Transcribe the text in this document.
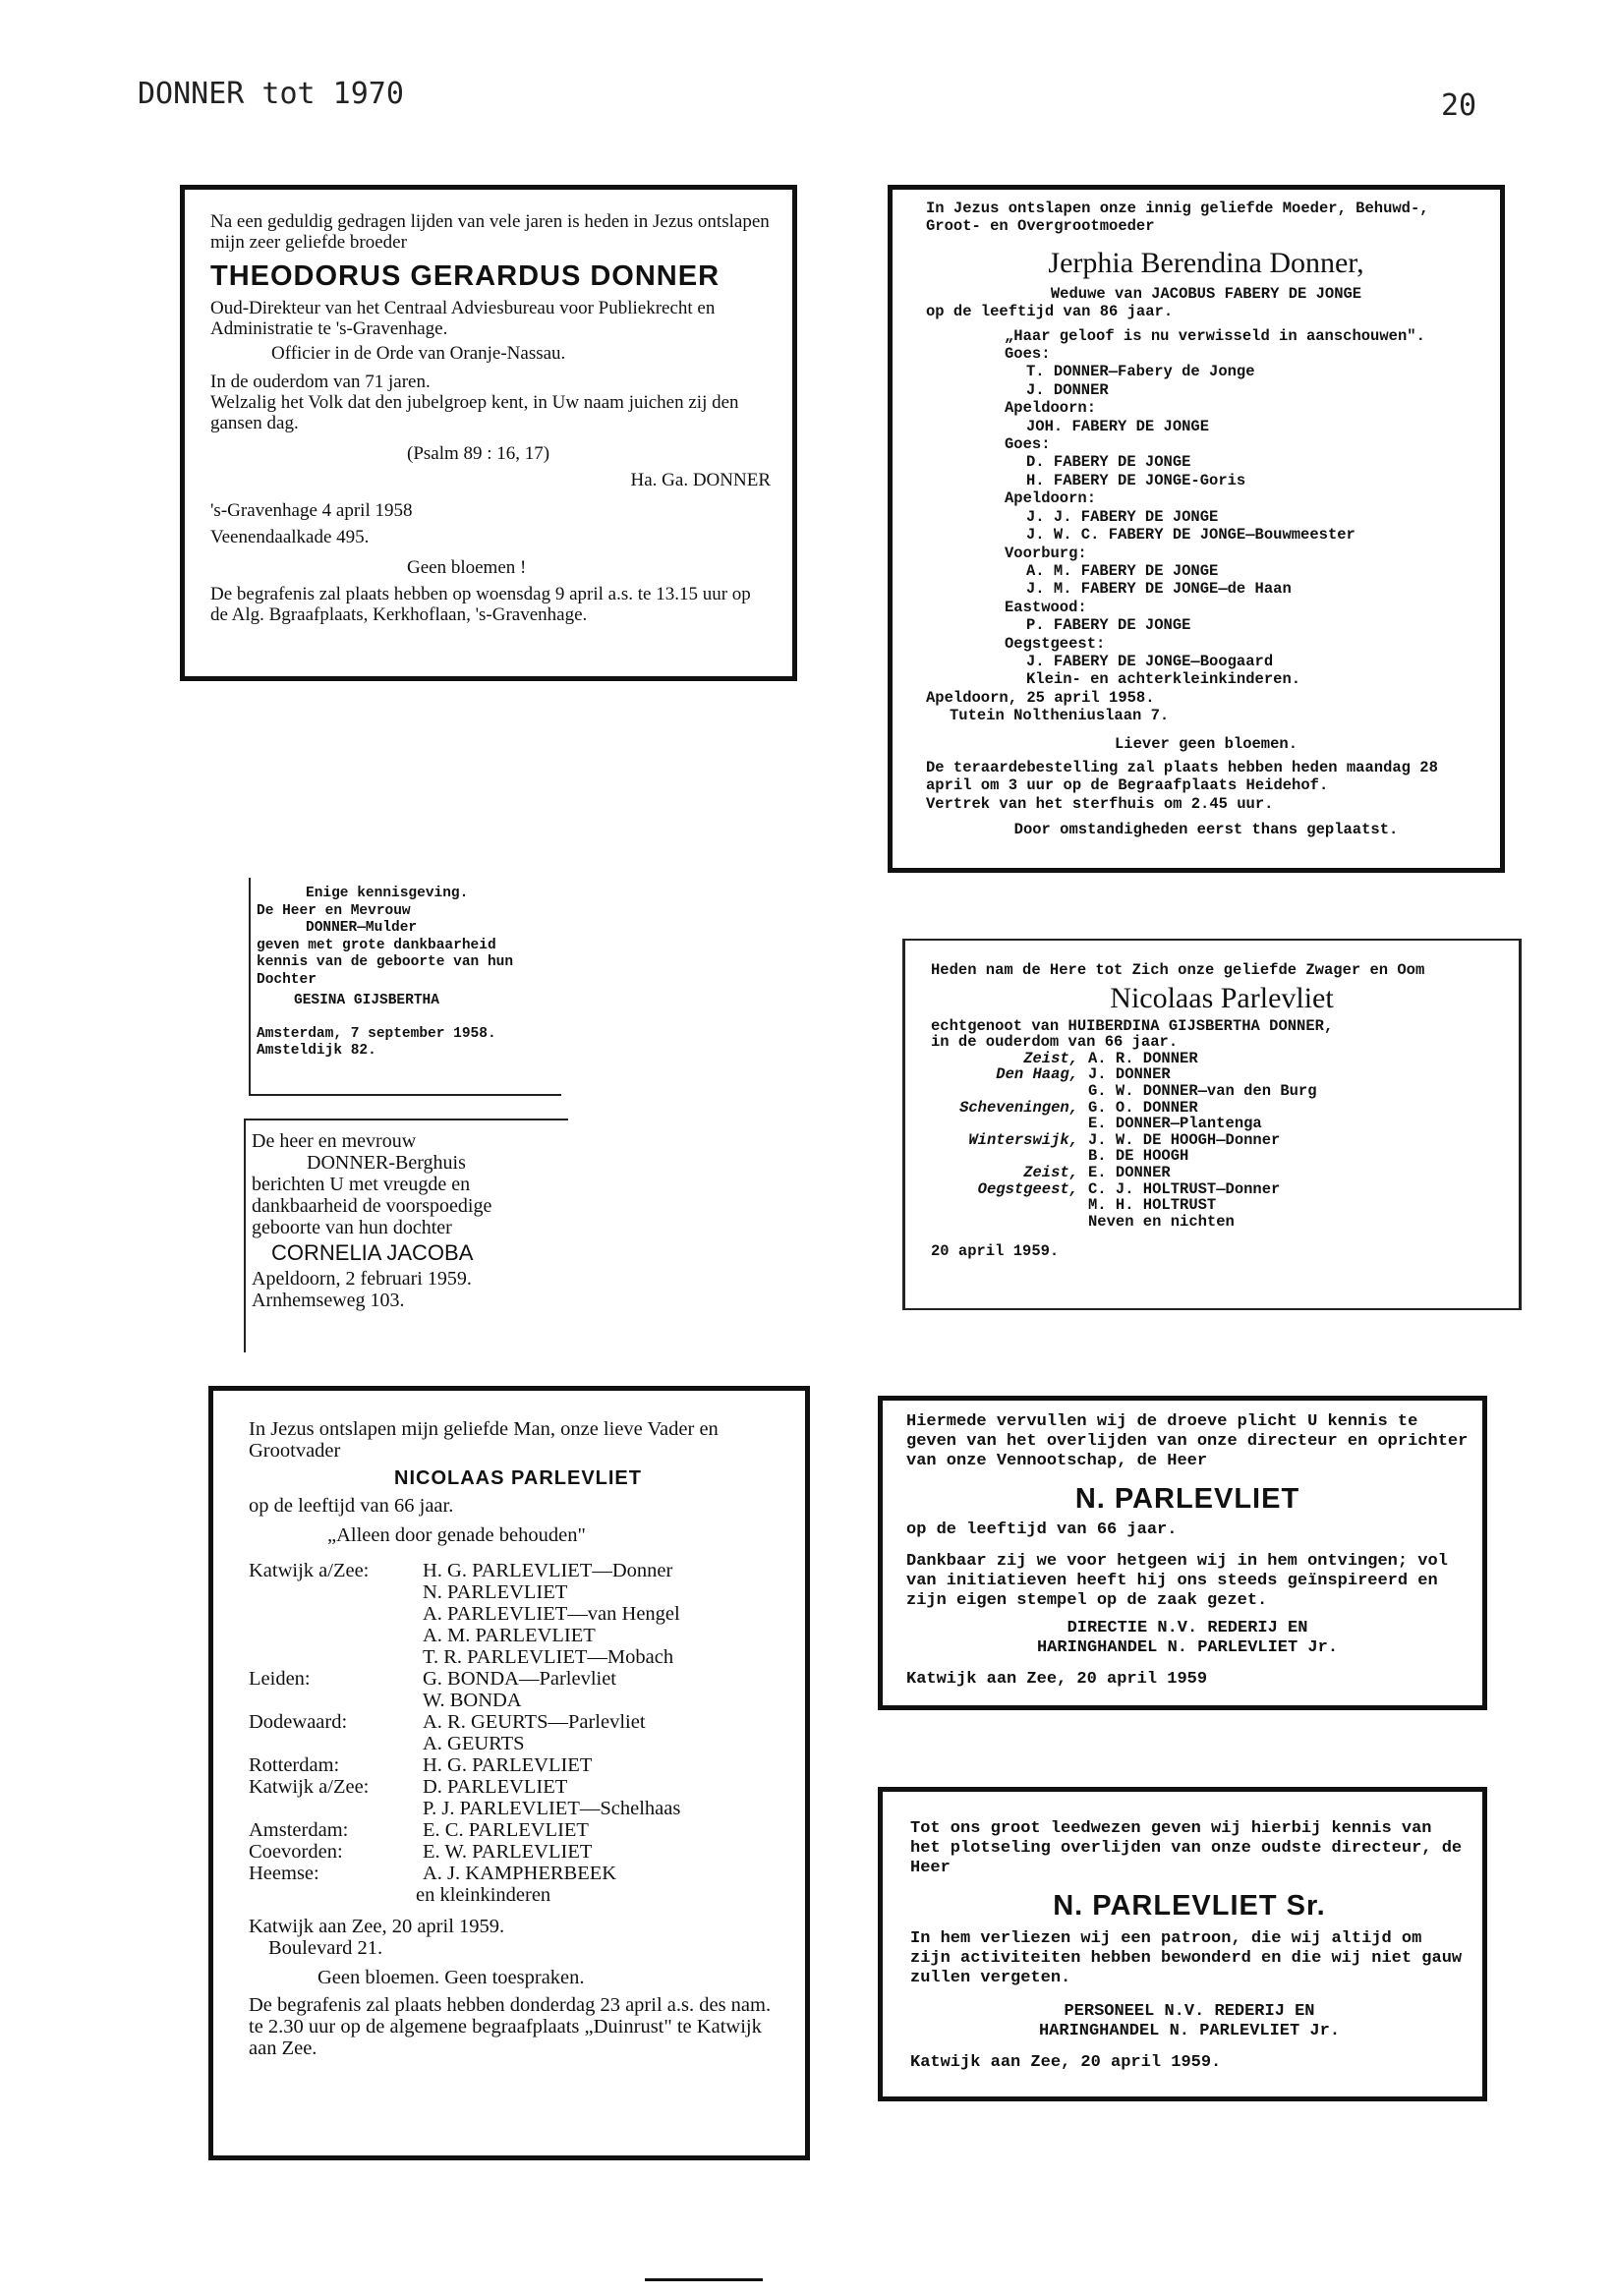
DONNER tot 1970	20

Na een geduldig gedragen lijden van vele jaren is heden in Jezus ontslapen mijn zeer geliefde broeder

THEODORUS GERARDUS DONNER

Oud-Direkteur van het Centraal Adviesbureau voor Publiekrecht en Administratie te 's-Gravenhage.

Officier in de Orde van Oranje-Nassau.

In de ouderdom van 71 jaren.

Welzalig het Volk dat den jubelgroep kent, in Uw naam juichen zij den gansen dag.

(Psalm 89 : 16, 17)

Ha. Ga. DONNER

's-Gravenhage 4 april 1958

Veenendaalkade 495.

Geen bloemen !

De begrafenis zal plaats hebben op woensdag 9 april a.s. te 13.15 uur op de Alg. Bgraafplaats, Kerkhoflaan, 's-Gravenhage.

In Jezus ontslapen onze innig geliefde Moeder, Behuwd-, Groot- en Overgrootmoeder

Jerphia Berendina Donner,

Weduwe van JACOBUS FABERY DE JONGE

op de leeftijd van 86 jaar.

„Haar geloof is nu verwisseld in aanschouwen".

Goes:

T. DONNER—Fabery de Jonge

J. DONNER

Apeldoorn:

JOH. FABERY DE JONGE

Goes:

D. FABERY DE JONGE

H. FABERY DE JONGE-Goris

Apeldoorn:

J. J. FABERY DE JONGE

J. W. C. FABERY DE JONGE—Bouwmeester

Voorburg:

A. M. FABERY DE JONGE

J. M. FABERY DE JONGE—de Haan

Eastwood:

P. FABERY DE JONGE

Oegstgeest:

J. FABERY DE JONGE—Boogaard

Klein- en achterkleinkinderen.

Apeldoorn, 25 april 1958.

Tutein Noltheniuslaan 7.

Liever geen bloemen.

De teraardebestelling zal plaats hebben heden maandag 28 april om 3 uur op de Begraafplaats Heidehof.

Vertrek van het sterfhuis om 2.45 uur.

Door omstandigheden eerst thans geplaatst.

Enige kennisgeving.

De Heer en Mevrouw

DONNER—Mulder

geven met grote dankbaarheid kennis van de geboorte van hun Dochter

GESINA GIJSBERTHA

Amsterdam, 7 september 1958.

Amsteldijk 82.

De heer en mevrouw

DONNER-Berghuis

berichten U met vreugde en dankbaarheid de voorspoedige geboorte van hun dochter

CORNELIA JACOBA

Apeldoorn, 2 februari 1959.

Arnhemseweg 103.

Heden nam de Here tot Zich onze geliefde Zwager en Oom

Nicolaas Parlevliet

echtgenoot van HUIBERDINA GIJSBERTHA DONNER,

in de ouderdom van 66 jaar.

Zeist, A. R. DONNER
Den Haag, J. DONNER
G. W. DONNER—van den Burg
Scheveningen, G. O. DONNER
E. DONNER—Plantenga
Winterswijk, J. W. DE HOOGH—Donner
B. DE HOOGH
Zeist, E. DONNER
Oegstgeest, C. J. HOLTRUST—Donner
M. H. HOLTRUST
Neven en nichten

20 april 1959.

In Jezus ontslapen mijn geliefde Man, onze lieve Vader en Grootvader

NICOLAAS PARLEVLIET

op de leeftijd van 66 jaar.

„Alleen door genade behouden"

Katwijk a/Zee:	H. G. PARLEVLIET—Donner
N. PARLEVLIET
A. PARLEVLIET—van Hengel
A. M. PARLEVLIET
T. R. PARLEVLIET—Mobach
Leiden:	G. BONDA—Parlevliet
W. BONDA
Dodewaard:	A. R. GEURTS—Parlevliet
A. GEURTS
Rotterdam:	H. G. PARLEVLIET
Katwijk a/Zee:	D. PARLEVLIET
P. J. PARLEVLIET—Schelhaas
Amsterdam:	E. C. PARLEVLIET
Coevorden:	E. W. PARLEVLIET
Heemse:	A. J. KAMPHERBEEK

en kleinkinderen

Katwijk aan Zee, 20 april 1959.

Boulevard 21.

Geen bloemen. Geen toespraken.

De begrafenis zal plaats hebben donderdag 23 april a.s. des nam. te 2.30 uur op de algemene begraafplaats „Duinrust" te Katwijk aan Zee.

Hiermede vervullen wij de droeve plicht U kennis te geven van het overlijden van onze directeur en oprichter van onze Vennootschap, de Heer

N. PARLEVLIET

op de leeftijd van 66 jaar.

Dankbaar zij we voor hetgeen wij in hem ontvingen; vol van initiatieven heeft hij ons steeds geïnspireerd en zijn eigen stempel op de zaak gezet.

DIRECTIE N.V. REDERIJ EN

HARINGHANDEL N. PARLEVLIET Jr.

Katwijk aan Zee, 20 april 1959

Tot ons groot leedwezen geven wij hierbij kennis van het plotseling overlijden van onze oudste directeur, de Heer

N. PARLEVLIET Sr.

In hem verliezen wij een patroon, die wij altijd om zijn activiteiten hebben bewonderd en die wij niet gauw zullen vergeten.

PERSONEEL N.V. REDERIJ EN

HARINGHANDEL N. PARLEVLIET Jr.

Katwijk aan Zee, 20 april 1959.
